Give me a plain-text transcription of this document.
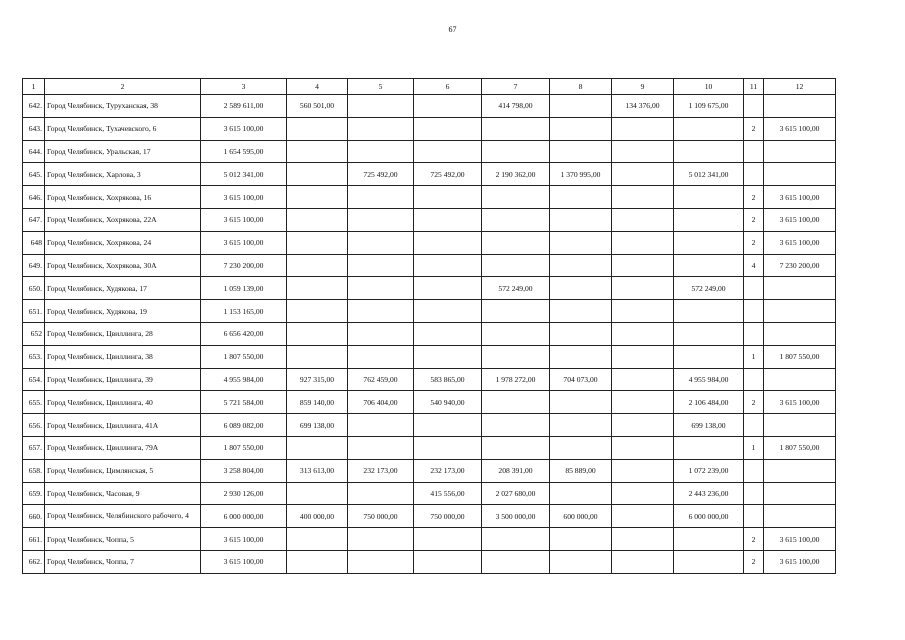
67
1	2	3	4	5	6	7	8	9	10	11	12
642.	Город Челябинск, Туруханская, 38	2 589 611,00	560 501,00			414 798,00		134 376,00	1 109 675,00		
643.	Город Челябинск, Тухачевского, 6	3 615 100,00								2	3 615 100,00
644.	Город Челябинск, Уральская, 17	1 654 595,00									
645.	Город Челябинск, Харлова, 3	5 012 341,00		725 492,00	725 492,00	2 190 362,00	1 370 995,00		5 012 341,00		
646.	Город Челябинск, Хохрякова, 16	3 615 100,00								2	3 615 100,00
647.	Город Челябинск, Хохрякова, 22А	3 615 100,00								2	3 615 100,00
648	Город Челябинск, Хохрякова, 24	3 615 100,00								2	3 615 100,00
649.	Город Челябинск, Хохрякова, 30А	7 230 200,00								4	7 230 200,00
650.	Город Челябинск, Худякова, 17	1 059 139,00				572 249,00			572 249,00		
651.	Город Челябинск, Худякова, 19	1 153 165,00									
652	Город Челябинск, Цвиллинга, 28	6 656 420,00									
653.	Город Челябинск, Цвиллинга, 38	1 807 550,00								1	1 807 550,00
654.	Город Челябинск, Цвиллинга, 39	4 955 984,00	927 315,00	762 459,00	583 865,00	1 978 272,00	704 073,00		4 955 984,00		
655.	Город Челябинск, Цвиллинга, 40	5 721 584,00	859 140,00	706 404,00	540 940,00				2 106 484,00	2	3 615 100,00
656.	Город Челябинск, Цвиллинга, 41А	6 089 082,00	699 138,00						699 138,00		
657.	Город Челябинск, Цвиллинга, 79А	1 807 550,00								1	1 807 550,00
658.	Город Челябинск, Цимлянская, 5	3 258 804,00	313 613,00	232 173,00	232 173,00	208 391,00	85 889,00		1 072 239,00		
659.	Город Челябинск, Часовая, 9	2 930 126,00			415 556,00	2 027 680,00			2 443 236,00		
660.	Город Челябинск, Челябинского рабочего, 4	6 000 000,00	400 000,00	750 000,00	750 000,00	3 500 000,00	600 000,00		6 000 000,00		
661.	Город Челябинск, Чоппа, 5	3 615 100,00								2	3 615 100,00
662.	Город Челябинск, Чоппа, 7	3 615 100,00								2	3 615 100,00
